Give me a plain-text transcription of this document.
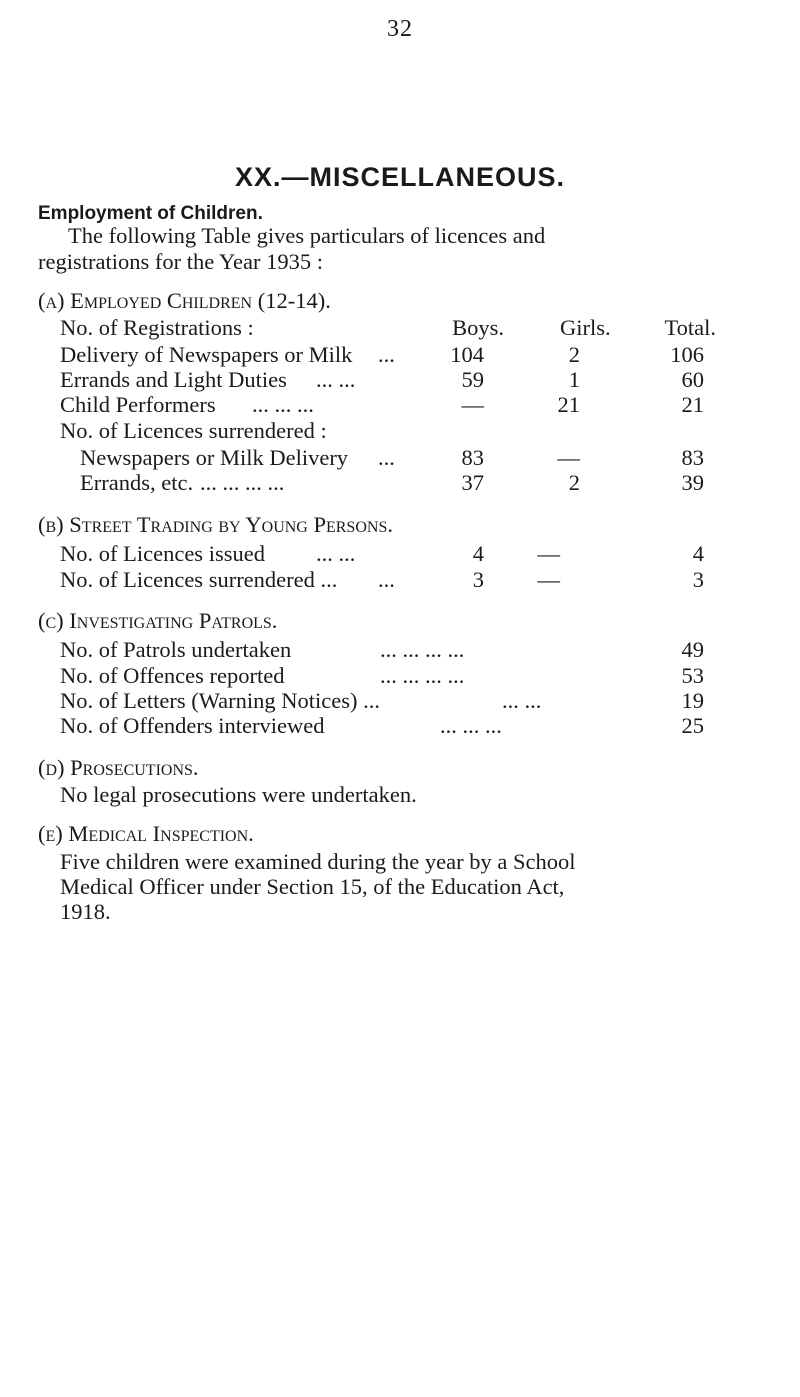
32
XX.—MISCELLANEOUS.
Employment of Children.
The following Table gives particulars of licences and
registrations for the Year 1935 :
(a) Employed Children (12-14).
No. of Registrations :	Boys. Girls.	Total.
Delivery of Newspapers or Milk ...	104	2	106
Errands and Light Duties ... ...	59	1	60
Child Performers ... ... ...	—	21	21
No. of Licences surrendered :
Newspapers or Milk Delivery ...	83	—	83
Errands, etc. ... ... ... ...	37	2	39
(b) Street Trading by Young Persons.
No. of Licences issued ... ...	4	—	4
No. of Licences surrendered ... ...	3	—	3
(c) Investigating Patrols.
No. of Patrols undertaken	... ... ... ...	49
No. of Offences reported	... ... ... ...	53
No. of Letters (Warning Notices) ...	... ...	19
No. of Offenders interviewed	... ... ...	25
(d) Prosecutions.
No legal prosecutions were undertaken.
(e) Medical Inspection.
Five children were examined during the year by a School
Medical Officer under Section 15, of the Education Act,
1918.
